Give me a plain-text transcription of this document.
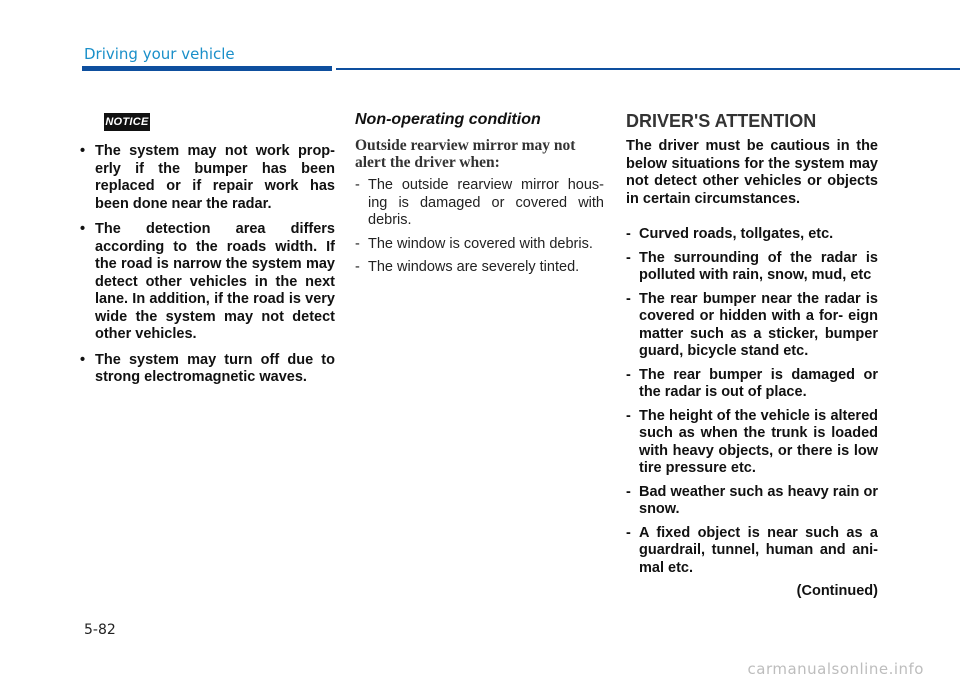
Driving your vehicle
NOTICE
• The system may not work prop- erly if the bumper has been replaced or if repair work has been done near the radar.
• The detection area differs according to the roads width. If the road is narrow the system may detect other vehicles in the next lane. In addition, if the road is very wide the system may not detect other vehicles.
• The system may turn off due to strong electromagnetic waves.
Non-operating condition
Outside rearview mirror may not alert the driver when:
- The outside rearview mirror hous- ing is damaged or covered with debris.
- The window is covered with debris.
- The windows are severely tinted.
DRIVER'S ATTENTION
The driver must be cautious in the below situations for the system may not detect other vehicles or objects in certain circumstances.
- Curved roads, tollgates, etc.
- The surrounding of the radar is polluted with rain, snow, mud, etc
- The rear bumper near the radar is covered or hidden with a for- eign matter such as a sticker, bumper guard, bicycle stand etc.
- The rear bumper is damaged or the radar is out of place.
- The height of the vehicle is altered such as when the trunk is loaded with heavy objects, or there is low tire pressure etc.
- Bad weather such as heavy rain or snow.
- A fixed object is near such as a guardrail, tunnel, human and ani- mal etc.
(Continued)
5-82
carmanualsonline.info
